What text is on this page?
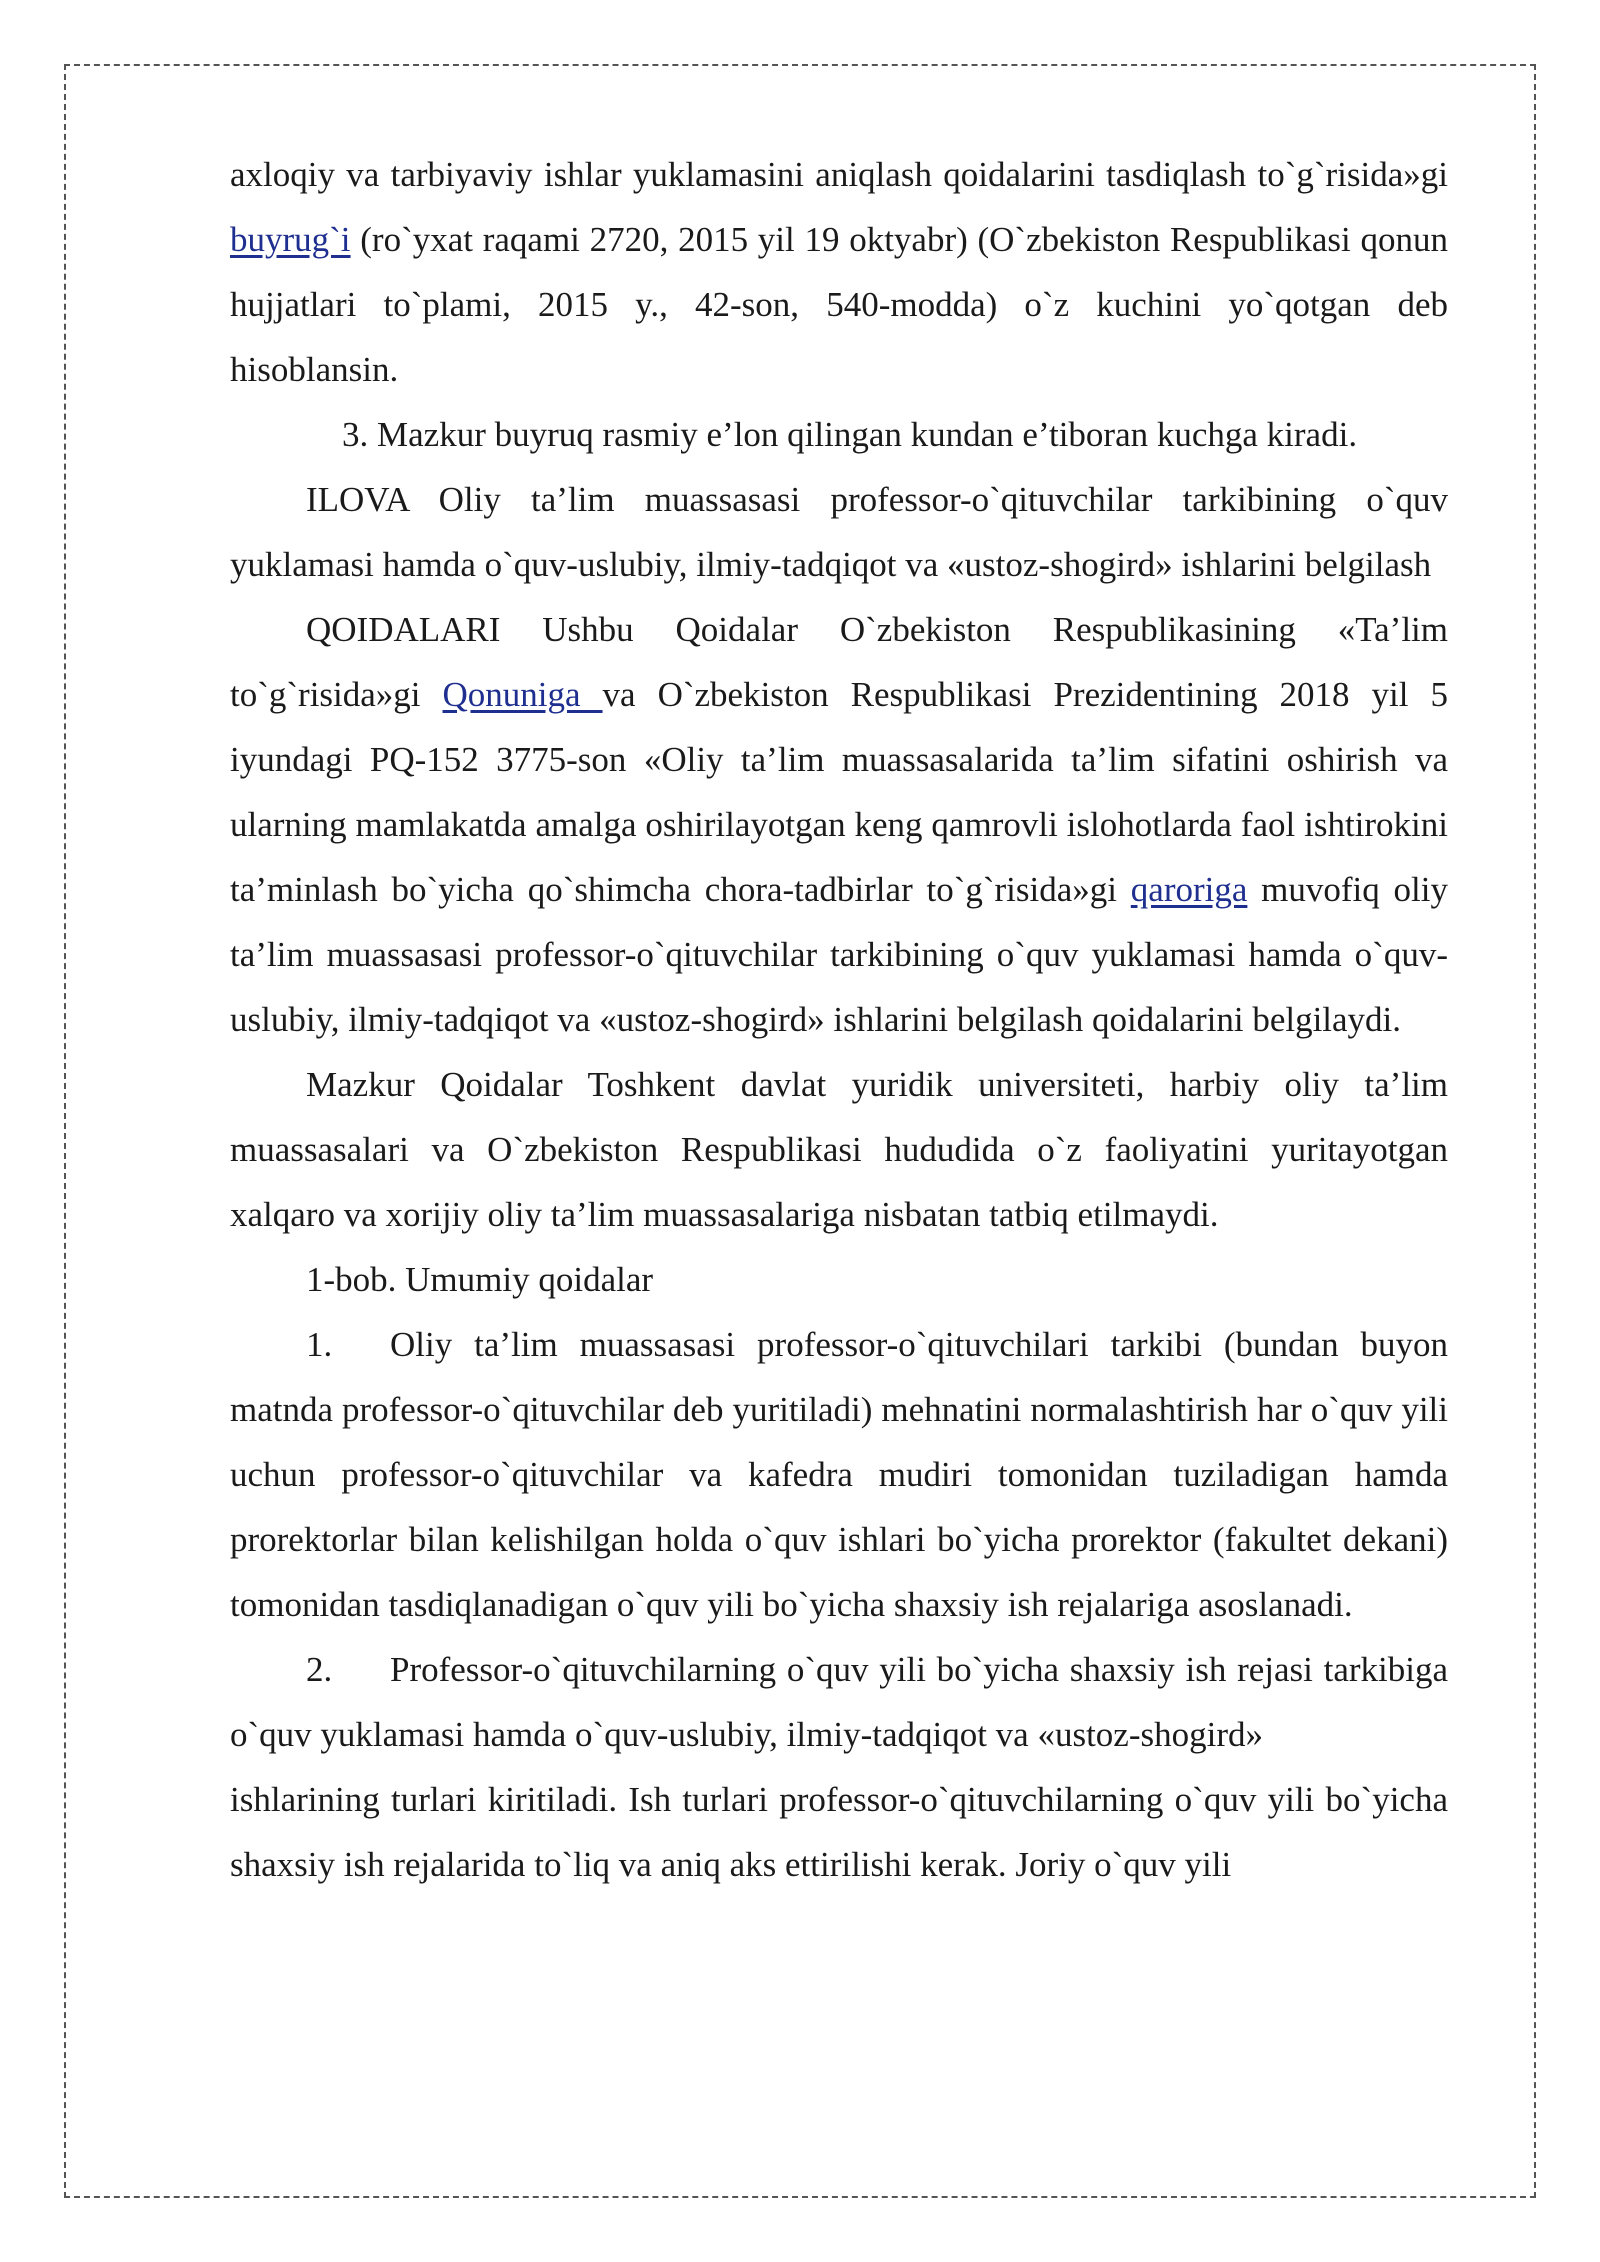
axloqiy va tarbiyaviy ishlar yuklamasini aniqlash qoidalarini tasdiqlash to`g`risida»gi buyrug`i (ro`yxat raqami 2720, 2015 yil 19 oktyabr) (O`zbekiston Respublikasi qonun hujjatlari to`plami, 2015 y., 42-son, 540-modda) o`z kuchini yo`qotgan deb hisoblansin.

3. Mazkur buyruq rasmiy e’lon qilingan kundan e’tiboran kuchga kiradi.

ILOVA Oliy ta’lim muassasasi professor-o`qituvchilar tarkibining o`quv yuklamasi hamda o`quv-uslubiy, ilmiy-tadqiqot va «ustoz-shogird» ishlarini belgilash

QOIDALARI Ushbu Qoidalar O`zbekiston Respublikasining «Ta’lim to`g`risida»gi Qonuniga va O`zbekiston Respublikasi Prezidentining 2018 yil 5 iyundagi PQ-152 3775-son «Oliy ta’lim muassasalarida ta’lim sifatini oshirish va ularning mamlakatda amalga oshirilayotgan keng qamrovli islohotlarda faol ishtirokini ta’minlash bo`yicha qo`shimcha chora-tadbirlar to`g`risida»gi qaroriga muvofiq oliy ta’lim muassasasi professor-o`qituvchilar tarkibining o`quv yuklamasi hamda o`quv-uslubiy, ilmiy-tadqiqot va «ustoz-shogird» ishlarini belgilash qoidalarini belgilaydi.

Mazkur Qoidalar Toshkent davlat yuridik universiteti, harbiy oliy ta’lim muassasalari va O`zbekiston Respublikasi hududida o`z faoliyatini yuritayotgan xalqaro va xorijiy oliy ta’lim muassasalariga nisbatan tatbiq etilmaydi.

1-bob. Umumiy qoidalar

1. Oliy ta’lim muassasasi professor-o`qituvchilari tarkibi (bundan buyon matnda professor-o`qituvchilar deb yuritiladi) mehnatini normalashtirish har o`quv yili uchun professor-o`qituvchilar va kafedra mudiri tomonidan tuziladigan hamda prorektorlar bilan kelishilgan holda o`quv ishlari bo`yicha prorektor (fakultet dekani) tomonidan tasdiqlanadigan o`quv yili bo`yicha shaxsiy ish rejalariga asoslanadi.

2. Professor-o`qituvchilarning o`quv yili bo`yicha shaxsiy ish rejasi tarkibiga o`quv yuklamasi hamda o`quv-uslubiy, ilmiy-tadqiqot va «ustoz-shogird»

ishlarining turlari kiritiladi. Ish turlari professor-o`qituvchilarning o`quv yili bo`yicha shaxsiy ish rejalarida to`liq va aniq aks ettirilishi kerak. Joriy o`quv yili
